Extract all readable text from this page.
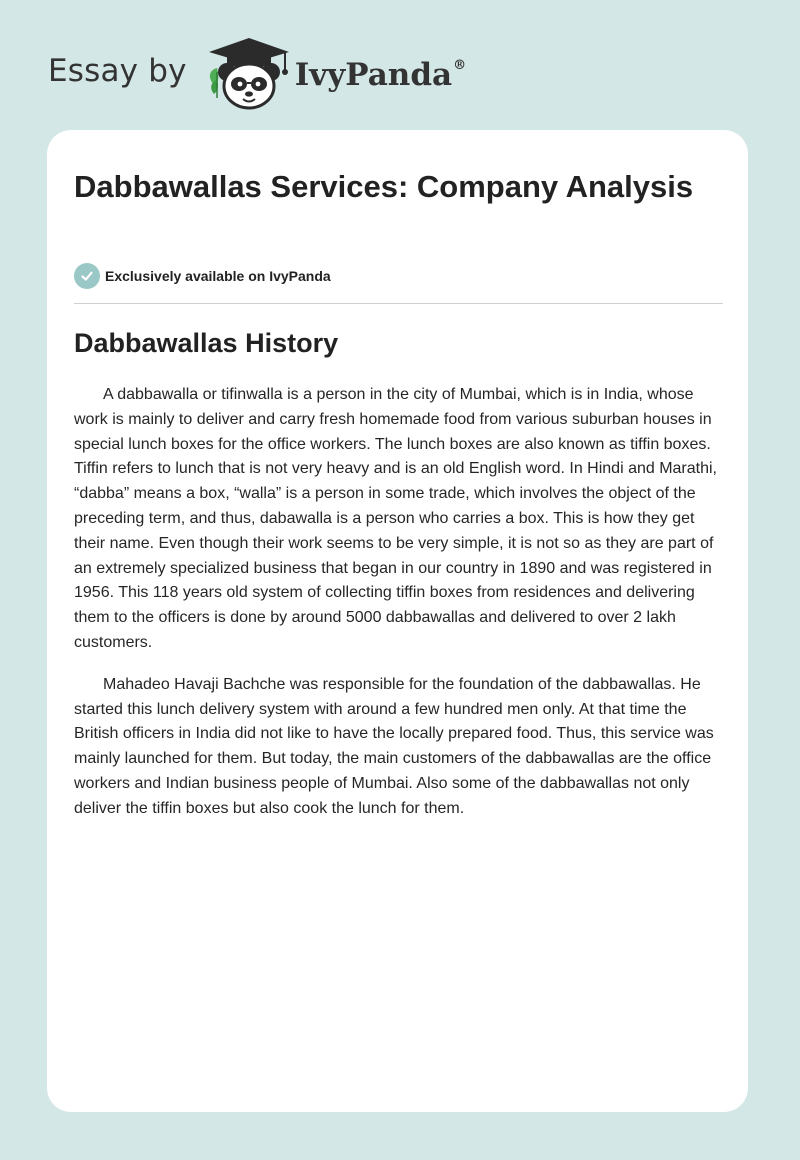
Essay by	IvyPanda®
Dabbawallas Services: Company Analysis
Exclusively available on IvyPanda
Dabbawallas History

A dabbawalla or tifinwalla is a person in the city of Mumbai, which is in India, whose work is mainly to deliver and carry fresh homemade food from various suburban houses in special lunch boxes for the office workers. The lunch boxes are also known as tiffin boxes. Tiffin refers to lunch that is not very heavy and is an old English word. In Hindi and Marathi, “dabba” means a box, “walla” is a person in some trade, which involves the object of the preceding term, and thus, dabawalla is a person who carries a box. This is how they get their name. Even though their work seems to be very simple, it is not so as they are part of an extremely specialized business that began in our country in 1890 and was registered in 1956. This 118 years old system of collecting tiffin boxes from residences and delivering them to the officers is done by around 5000 dabbawallas and delivered to over 2 lakh customers.

Mahadeo Havaji Bachche was responsible for the foundation of the dabbawallas. He started this lunch delivery system with around a few hundred men only. At that time the British officers in India did not like to have the locally prepared food. Thus, this service was mainly launched for them. But today, the main customers of the dabbawallas are the office workers and Indian business people of Mumbai. Also some of the dabbawallas not only deliver the tiffin boxes but also cook the lunch for them.
